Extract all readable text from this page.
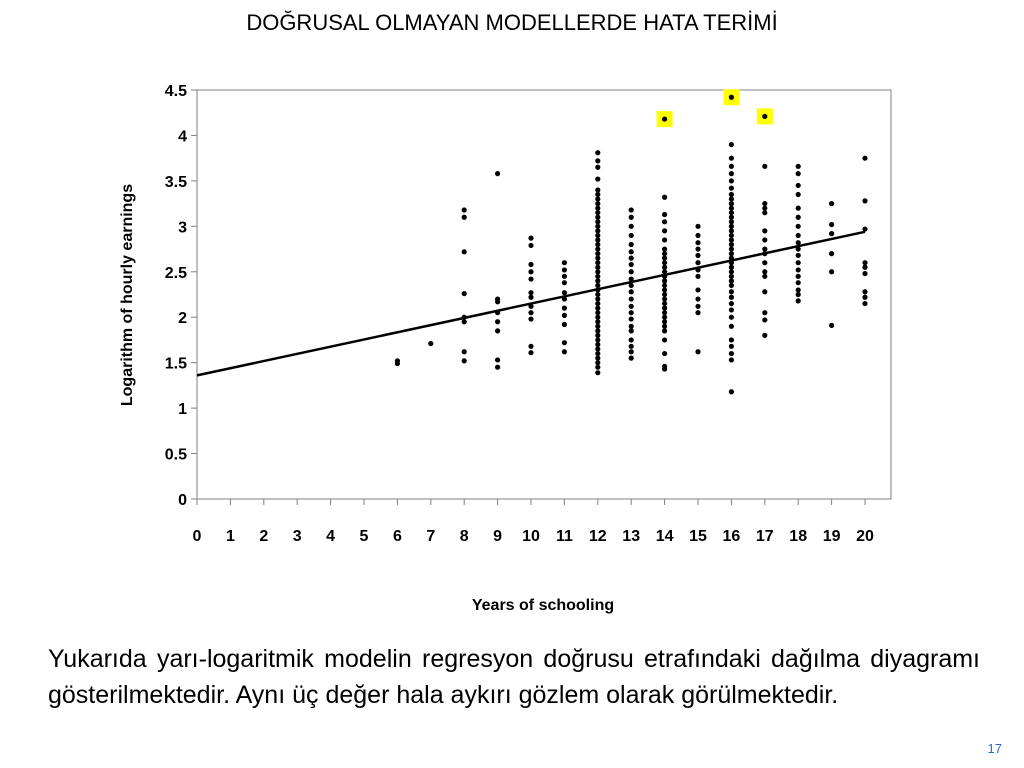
DOĞRUSAL OLMAYAN MODELLERDE HATA TERİMİ
0
0.5
1
1.5
2
2.5
3
3.5
4
4.5
0 1 2 3 4 5 6 7 8 9 10 11 12 13 14 15 16 17 18 19 20
Logarithm of hourly earnings
Years of schooling
Yukarıda yarı-logaritmik modelin regresyon doğrusu etrafındaki dağılma diyagramı gösterilmektedir. Aynı üç değer hala aykırı gözlem olarak görülmektedir.
17
